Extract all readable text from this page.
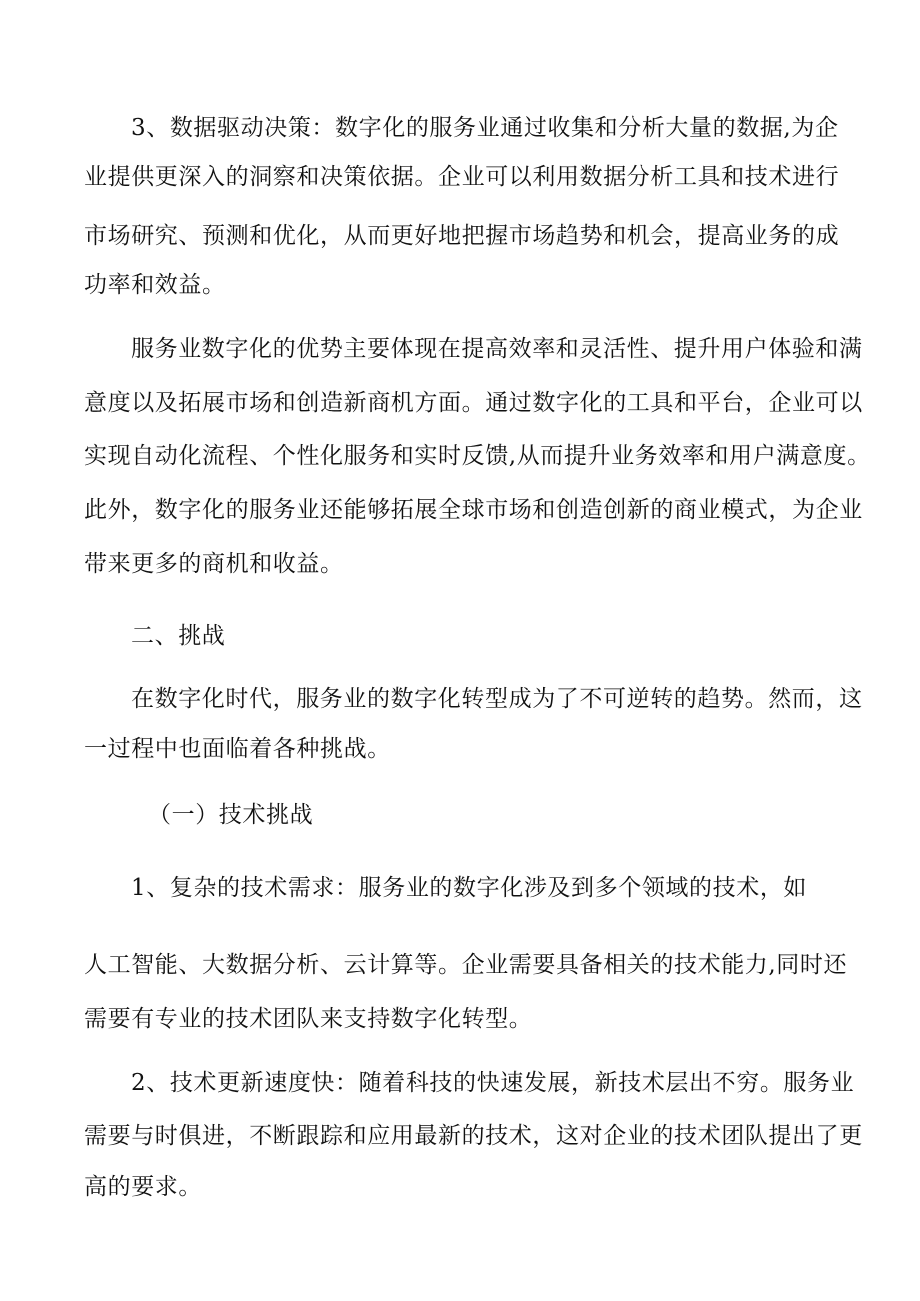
3、数据驱动决策：数字化的服务业通过收集和分析大量的数据,为企
业提供更深入的洞察和决策依据。企业可以利用数据分析工具和技术进行
市场研究、预测和优化，从而更好地把握市场趋势和机会，提高业务的成
功率和效益。
服务业数字化的优势主要体现在提高效率和灵活性、提升用户体验和满
意度以及拓展市场和创造新商机方面。通过数字化的工具和平台，企业可以
实现自动化流程、个性化服务和实时反馈,从而提升业务效率和用户满意度。
此外，数字化的服务业还能够拓展全球市场和创造创新的商业模式，为企业
带来更多的商机和收益。
二、挑战
在数字化时代，服务业的数字化转型成为了不可逆转的趋势。然而，这
一过程中也面临着各种挑战。
（一）技术挑战
1、复杂的技术需求：服务业的数字化涉及到多个领域的技术，如
人工智能、大数据分析、云计算等。企业需要具备相关的技术能力,同时还
需要有专业的技术团队来支持数字化转型。
2、技术更新速度快：随着科技的快速发展，新技术层出不穷。服务业
需要与时俱进，不断跟踪和应用最新的技术，这对企业的技术团队提出了更
高的要求。
